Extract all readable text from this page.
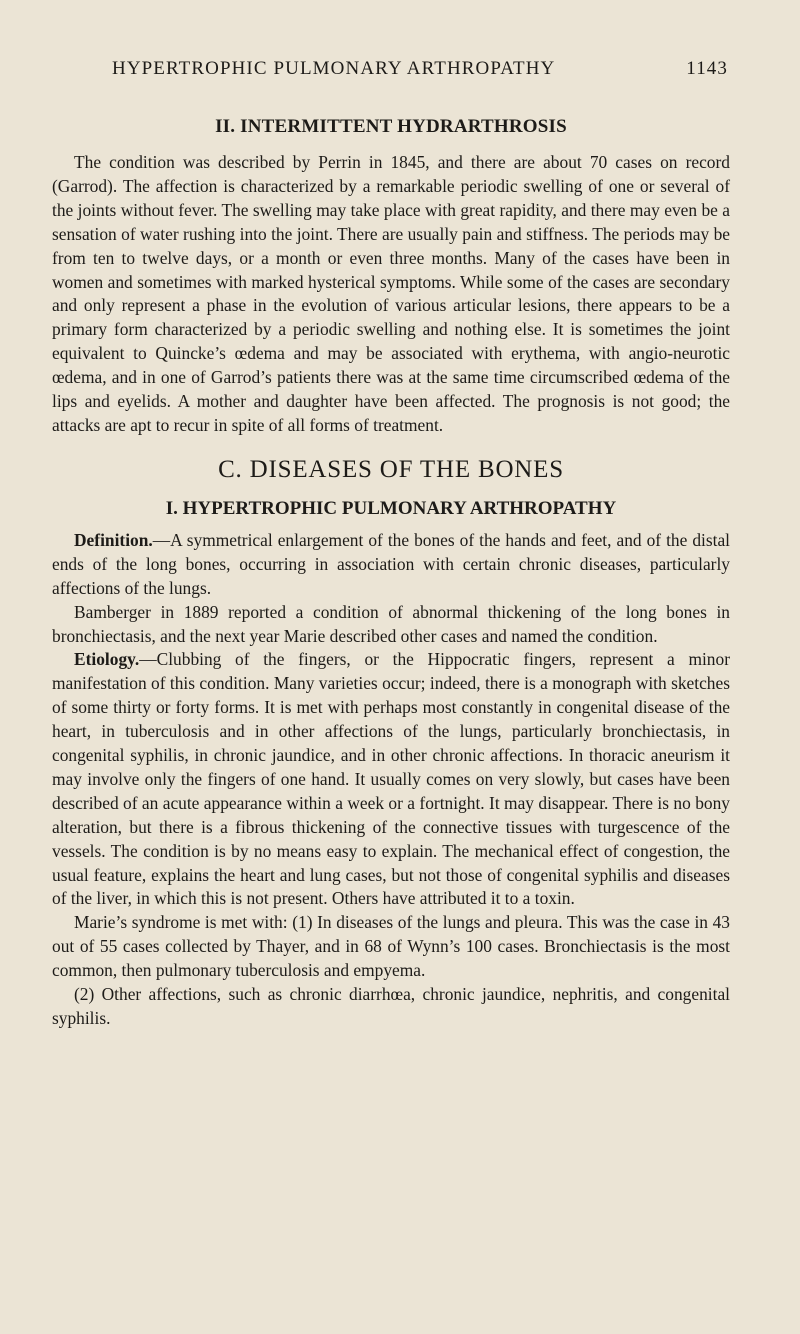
HYPERTROPHIC PULMONARY ARTHROPATHY	1143
II. INTERMITTENT HYDRARTHROSIS

The condition was described by Perrin in 1845, and there are about 70 cases on record (Garrod). The affection is characterized by a remarkable periodic swelling of one or several of the joints without fever. The swelling may take place with great rapidity, and there may even be a sensation of water rushing into the joint. There are usually pain and stiffness. The periods may be from ten to twelve days, or a month or even three months. Many of the cases have been in women and sometimes with marked hysterical symptoms. While some of the cases are secondary and only represent a phase in the evolution of various articular lesions, there appears to be a primary form characterized by a periodic swelling and nothing else. It is sometimes the joint equivalent to Quincke’s œdema and may be associated with erythema, with angio-neurotic œdema, and in one of Garrod’s patients there was at the same time circumscribed œdema of the lips and eyelids. A mother and daughter have been affected. The prognosis is not good; the attacks are apt to recur in spite of all forms of treatment.

C. DISEASES OF THE BONES
I. HYPERTROPHIC PULMONARY ARTHROPATHY

Definition.—A symmetrical enlargement of the bones of the hands and feet, and of the distal ends of the long bones, occurring in association with certain chronic diseases, particularly affections of the lungs.

Bamberger in 1889 reported a condition of abnormal thickening of the long bones in bronchiectasis, and the next year Marie described other cases and named the condition.

Etiology.—Clubbing of the fingers, or the Hippocratic fingers, represent a minor manifestation of this condition. Many varieties occur; indeed, there is a monograph with sketches of some thirty or forty forms. It is met with perhaps most constantly in congenital disease of the heart, in tuberculosis and in other affections of the lungs, particularly bronchiectasis, in congenital syphilis, in chronic jaundice, and in other chronic affections. In thoracic aneurism it may involve only the fingers of one hand. It usually comes on very slowly, but cases have been described of an acute appearance within a week or a fortnight. It may disappear. There is no bony alteration, but there is a fibrous thickening of the connective tissues with turgescence of the vessels. The condition is by no means easy to explain. The mechanical effect of congestion, the usual feature, explains the heart and lung cases, but not those of congenital syphilis and diseases of the liver, in which this is not present. Others have attributed it to a toxin.

Marie’s syndrome is met with: (1) In diseases of the lungs and pleura. This was the case in 43 out of 55 cases collected by Thayer, and in 68 of Wynn’s 100 cases. Bronchiectasis is the most common, then pulmonary tuberculosis and empyema.

(2) Other affections, such as chronic diarrhœa, chronic jaundice, nephritis, and congenital syphilis.
